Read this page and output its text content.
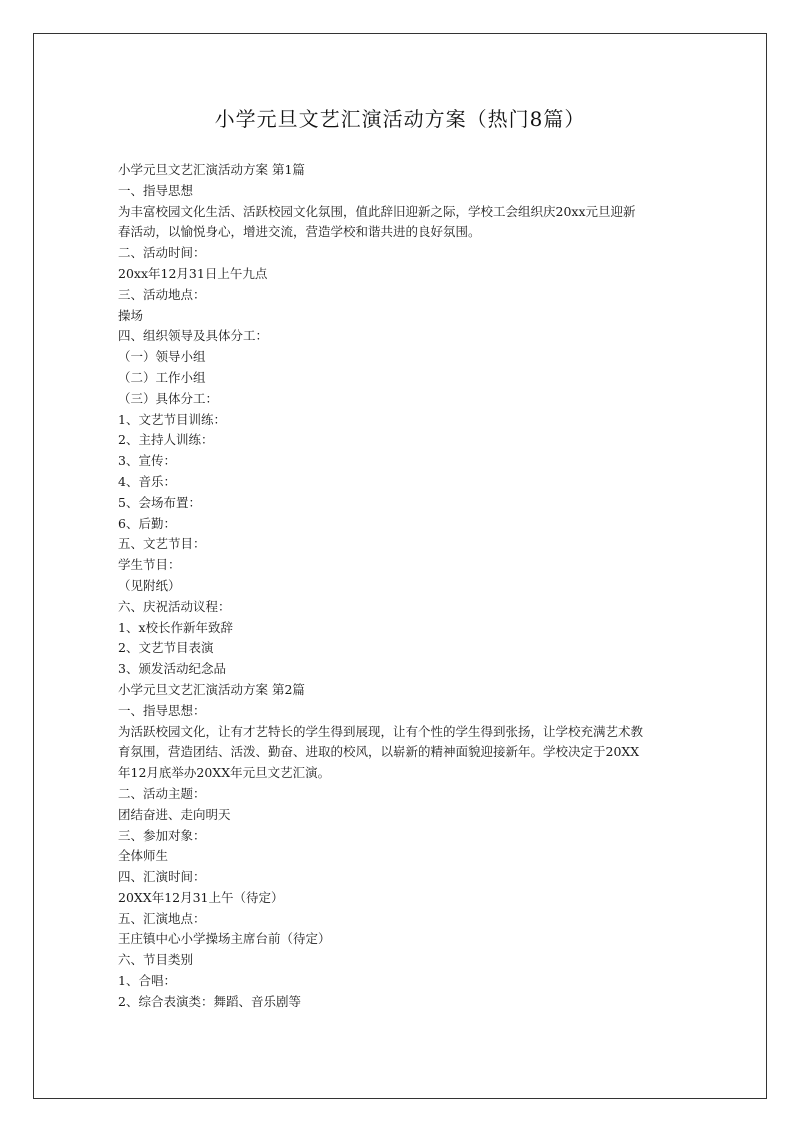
小学元旦文艺汇演活动方案（热门8篇）
小学元旦文艺汇演活动方案 第1篇
一、指导思想
为丰富校园文化生活、活跃校园文化氛围，值此辞旧迎新之际，学校工会组织庆20xx元旦迎新
春活动，以愉悦身心，增进交流，营造学校和谐共进的良好氛围。
二、活动时间：
20xx年12月31日上午九点
三、活动地点：
操场
四、组织领导及具体分工：
（一）领导小组
（二）工作小组
（三）具体分工：
1、文艺节目训练：
2、主持人训练：
3、宣传：
4、音乐：
5、会场布置：
6、后勤：
五、文艺节目：
学生节目：
（见附纸）
六、庆祝活动议程：
1、x校长作新年致辞
2、文艺节目表演
3、颁发活动纪念品
小学元旦文艺汇演活动方案 第2篇
一、指导思想：
为活跃校园文化，让有才艺特长的学生得到展现，让有个性的学生得到张扬，让学校充满艺术教
育氛围，营造团结、活泼、勤奋、进取的校风，以崭新的精神面貌迎接新年。学校决定于20XX
年12月底举办20XX年元旦文艺汇演。
二、活动主题：
团结奋进、走向明天
三、参加对象：
全体师生
四、汇演时间：
20XX年12月31上午（待定）
五、汇演地点：
王庄镇中心小学操场主席台前（待定）
六、节目类别
1、合唱：
2、综合表演类：舞蹈、音乐剧等
